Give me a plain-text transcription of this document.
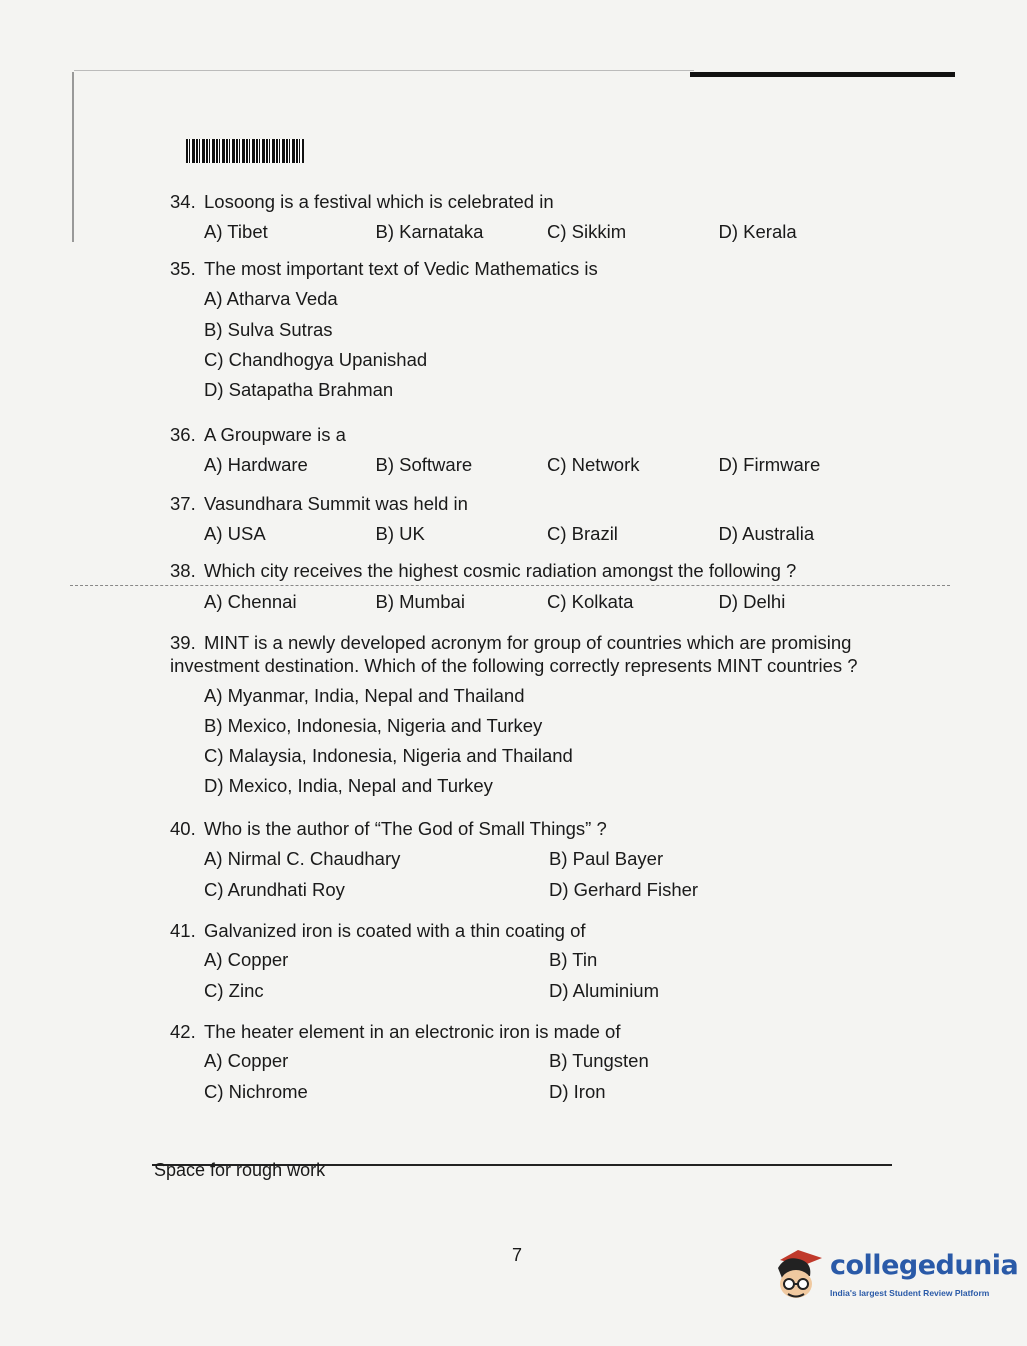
34. Losoong is a festival which is celebrated in
A) Tibet	B) Karnataka	C) Sikkim	D) Kerala
35. The most important text of Vedic Mathematics is
A) Atharva Veda
B) Sulva Sutras
C) Chandhogya Upanishad
D) Satapatha Brahman
36. A Groupware is a
A) Hardware	B) Software	C) Network	D) Firmware
37. Vasundhara Summit was held in
A) USA	B) UK	C) Brazil	D) Australia
38. Which city receives the highest cosmic radiation amongst the following ?
A) Chennai	B) Mumbai	C) Kolkata	D) Delhi
39. MINT is a newly developed acronym for group of countries which are promising investment destination. Which of the following correctly represents MINT countries ?
A) Myanmar, India, Nepal and Thailand
B) Mexico, Indonesia, Nigeria and Turkey
C) Malaysia, Indonesia, Nigeria and Thailand
D) Mexico, India, Nepal and Turkey
40. Who is the author of “The God of Small Things” ?
A) Nirmal C. Chaudhary	B) Paul Bayer
C) Arundhati Roy	D) Gerhard Fisher
41. Galvanized iron is coated with a thin coating of
A) Copper	B) Tin
C) Zinc	D) Aluminium
42. The heater element in an electronic iron is made of
A) Copper	B) Tungsten
C) Nichrome	D) Iron
Space for rough work
7	collegedunia
India's largest Student Review Platform
